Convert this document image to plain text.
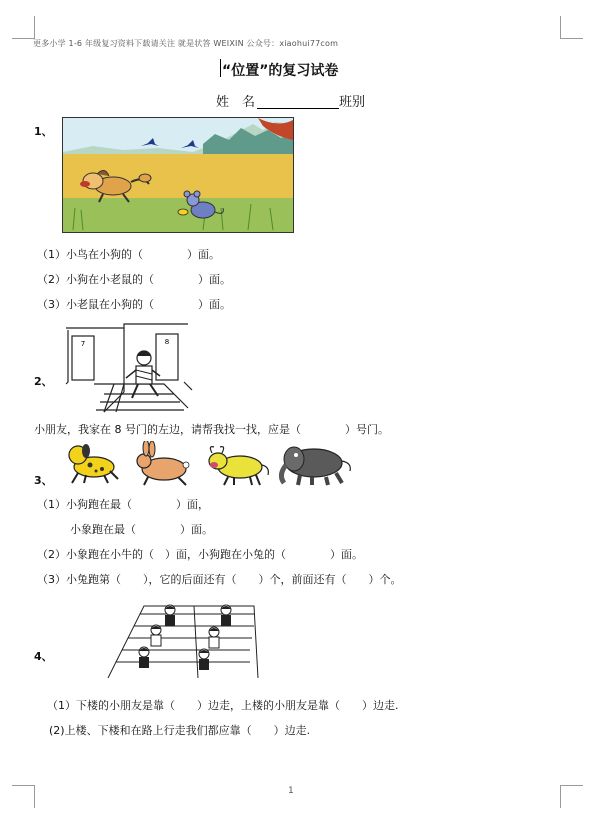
更多小学 1-6 年级复习资料下载请关注 就是状答 WEIXIN 公众号：xiaohui77com
“位置”的复习试卷
姓　名	班别
1、
（1）小鸟在小狗的（　　　　）面。
（2）小狗在小老鼠的（　　　　）面。
（3）小老鼠在小狗的（　　　　）面。
2、
7	8
小朋友，我家在 8 号门的左边，请帮我找一找，应是（　　　　）号门。
3、
（1）小狗跑在最（　　　　）面，
　　　小象跑在最（　　　　）面。
（2）小象跑在小牛的（　）面，小狗跑在小兔的（　　　　）面。
（3）小兔跑第（　　），它的后面还有（　　）个，前面还有（　　）个。
4、
（1）下楼的小朋友是靠（　　）边走，上楼的小朋友是靠（　　）边走.
(2)上楼、下楼和在路上行走我们都应靠（　　）边走.
1
